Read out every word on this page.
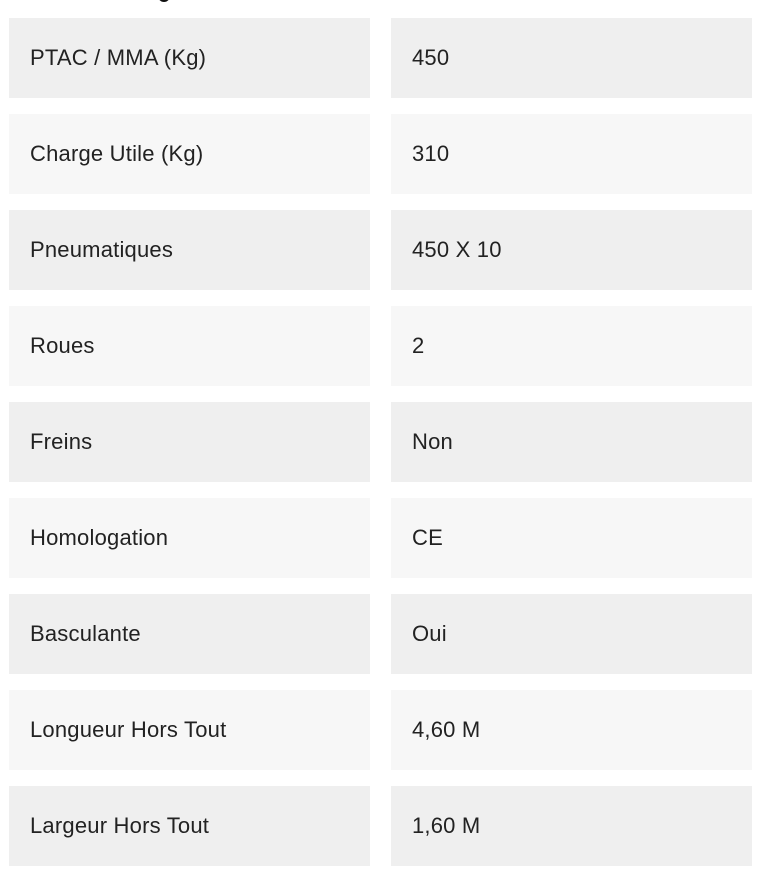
PTAC / MMA (Kg)	450
Charge Utile (Kg)	310
Pneumatiques	450 X 10
Roues	2
Freins	Non
Homologation	CE
Basculante	Oui
Longueur Hors Tout	4,60 M
Largeur Hors Tout	1,60 M
